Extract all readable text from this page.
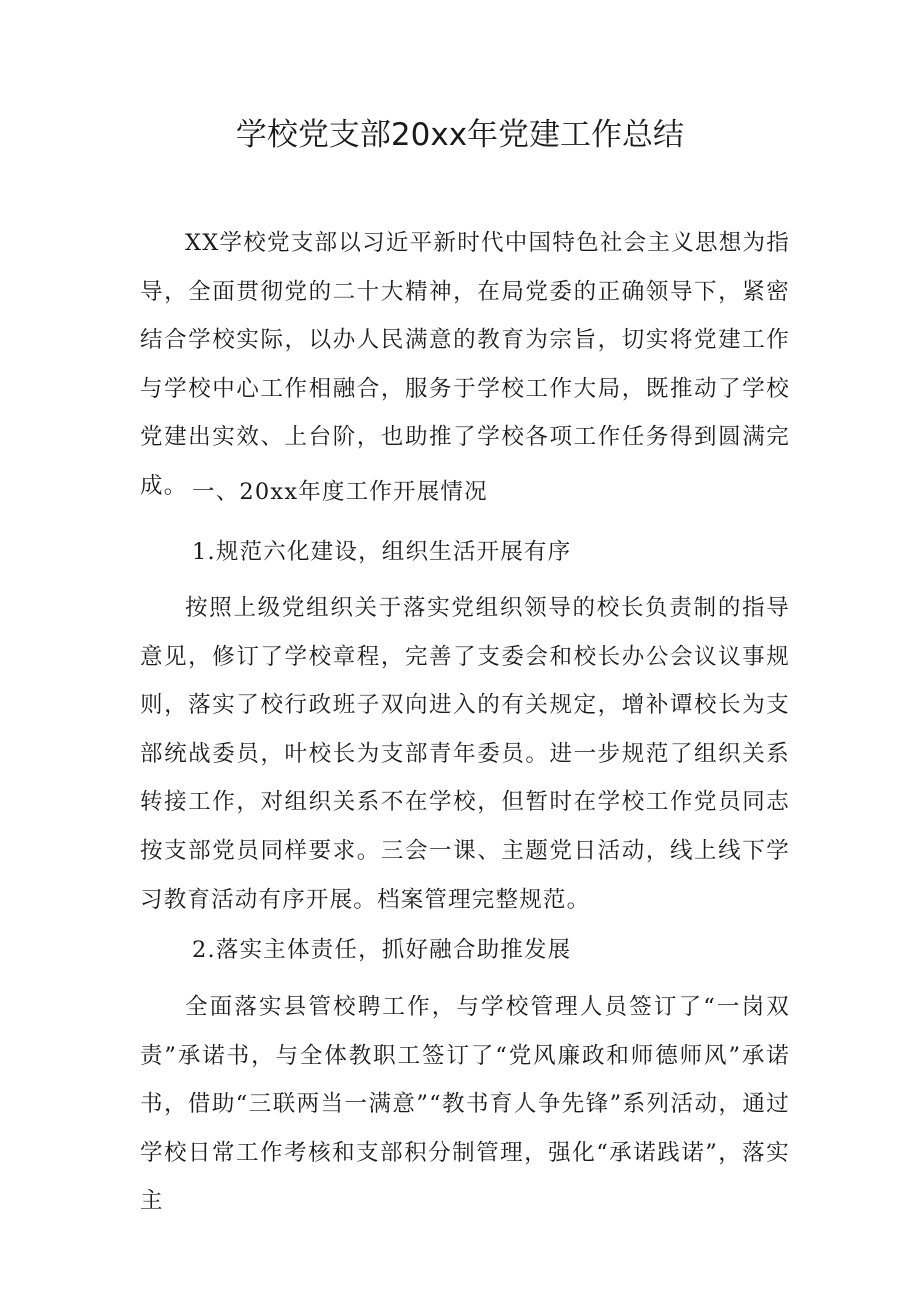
学校党支部20xx年党建工作总结

XX学校党支部以习近平新时代中国特色社会主义思想为指导，全面贯彻党的二十大精神，在局党委的正确领导下，紧密结合学校实际，以办人民满意的教育为宗旨，切实将党建工作与学校中心工作相融合，服务于学校工作大局，既推动了学校党建出实效、上台阶，也助推了学校各项工作任务得到圆满完成。 一、20xx年度工作开展情况

1.规范六化建设，组织生活开展有序

按照上级党组织关于落实党组织领导的校长负责制的指导意见，修订了学校章程，完善了支委会和校长办公会议议事规则，落实了校行政班子双向进入的有关规定，增补谭校长为支部统战委员，叶校长为支部青年委员。进一步规范了组织关系转接工作，对组织关系不在学校，但暂时在学校工作党员同志按支部党员同样要求。三会一课、主题党日活动，线上线下学习教育活动有序开展。档案管理完整规范。

2.落实主体责任，抓好融合助推发展

全面落实县管校聘工作，与学校管理人员签订了“一岗双责”承诺书，与全体教职工签订了“党风廉政和师德师风”承诺书，借助“三联两当一满意”“教书育人争先锋”系列活动，通过学校日常工作考核和支部积分制管理，强化“承诺践诺”，落实主
